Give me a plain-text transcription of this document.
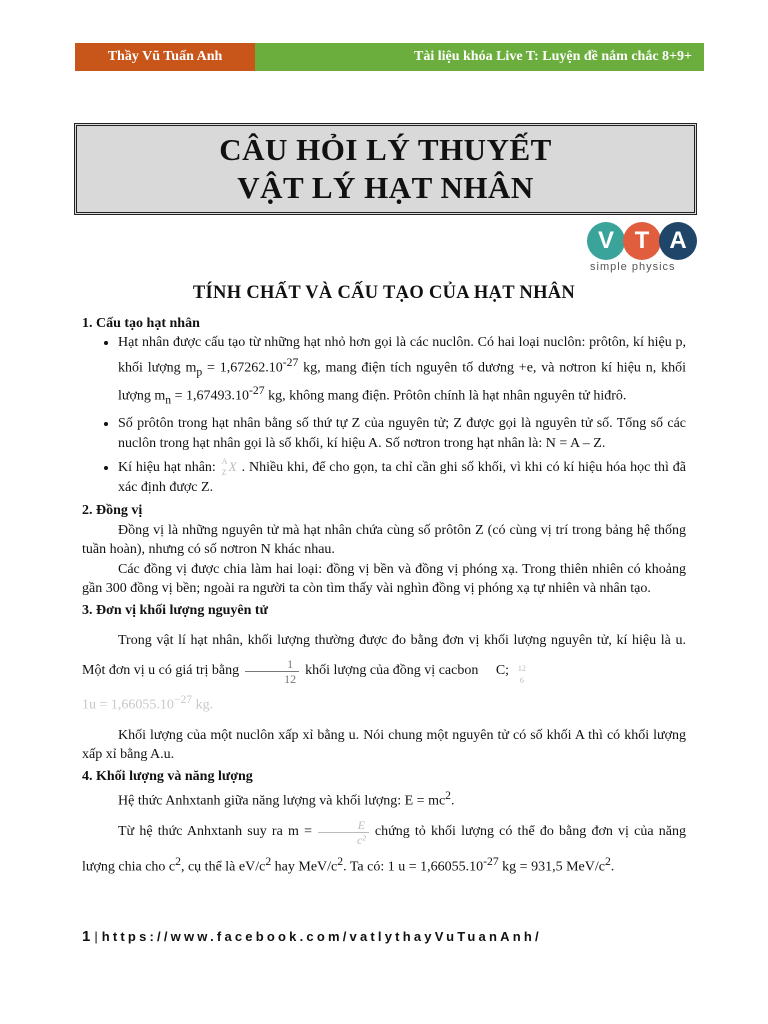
Thầy Vũ Tuấn Anh	Tài liệu khóa Live T: Luyện đề nắm chắc 8+9+
CÂU HỎI LÝ THUYẾT
VẬT LÝ HẠT NHÂN
V T A
simple physics
TÍNH CHẤT VÀ CẤU TẠO CỦA HẠT NHÂN
1. Cấu tạo hạt nhân
• Hạt nhân được cấu tạo từ những hạt nhỏ hơn gọi là các nuclôn. Có hai loại nuclôn: prôtôn, kí hiệu p, khối lượng $m_p = 1,67262.10^{-27}$ kg, mang điện tích nguyên tố dương +e, và nơtron kí hiệu n, khối lượng $m_n = 1,67493.10^{-27}$ kg, không mang điện. Prôtôn chính là hạt nhân nguyên tử hiđrô.
• Số prôtôn trong hạt nhân bằng số thứ tự Z của nguyên tử; Z được gọi là nguyên tử số. Tổng số các nuclôn trong hạt nhân gọi là số khối, kí hiệu A. Số nơtron trong hạt nhân là: N = A – Z.
• Kí hiệu hạt nhân: A
Z X . Nhiều khi, để cho gọn, ta chỉ cần ghi số khối, vì khi có kí hiệu hóa học thì đã xác định được Z.
2. Đồng vị

Đồng vị là những nguyên tử mà hạt nhân chứa cùng số prôtôn Z (có cùng vị trí trong bảng hệ thống tuần hoàn), nhưng có số nơtron N khác nhau.

Các đồng vị được chia làm hai loại: đồng vị bền và đồng vị phóng xạ. Trong thiên nhiên có khoảng gần 300 đồng vị bền; ngoài ra người ta còn tìm thấy vài nghìn đồng vị phóng xạ tự nhiên và nhân tạo.

3. Đơn vị khối lượng nguyên tử

Trong vật lí hạt nhân, khối lượng thường được đo bằng đơn vị khối lượng nguyên tử, kí hiệu là u. Một đơn vị u có giá trị bằng $\frac{1}{12}$ khối lượng của đồng vị cacbon	12
6
C;

$1u = 1,66055.10^{-27}$ kg.

Khối lượng của một nuclôn xấp xỉ bằng u. Nói chung một nguyên tử có số khối A thì có khối lượng xấp xỉ bằng A.u.

4. Khối lượng và năng lượng

Hệ thức Anhxtanh giữa năng lượng và khối lượng: $E = mc^2$.

Từ hệ thức Anhxtanh suy ra $m = \frac{E}{\text{c²}}$ chứng tỏ khối lượng có thể đo bằng đơn vị của năng lượng chia cho $c^2$, cụ thể là $eV/c^2$ hay MeV/$c^2$. Ta có: 1 $u = 1,66055.10^{-27}$ kg = 931,5 MeV/$c^2$.

1 | https://www.facebook.com/vatlythayVuTuanAnh/
